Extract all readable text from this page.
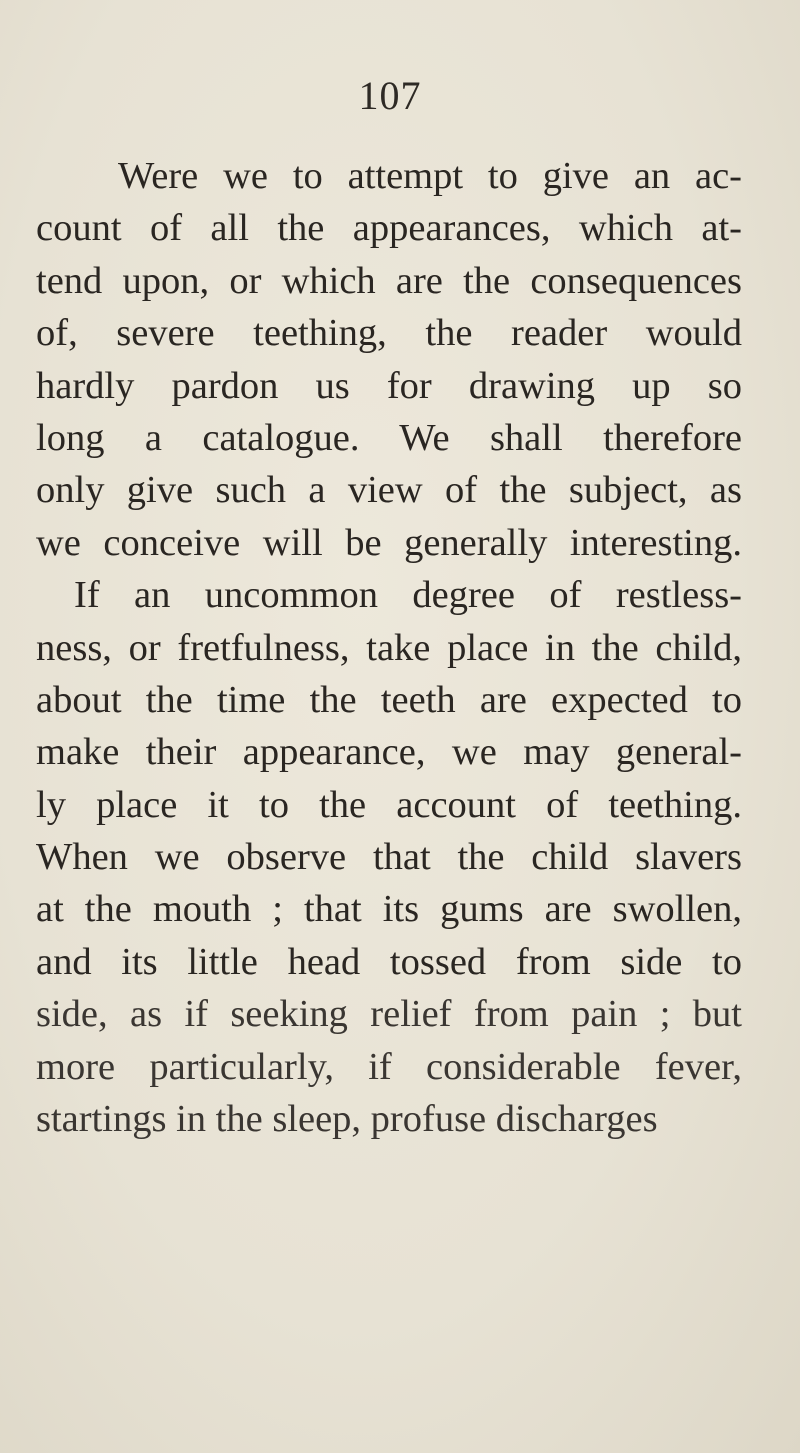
107
Were we to attempt to give an ac-
count of all the appearances, which at-
tend upon, or which are the consequences
of, severe teething, the reader would
hardly pardon us for drawing up so
long a catalogue. We shall therefore
only give such a view of the subject, as
we conceive will be generally interesting.
If an uncommon degree of restless-
ness, or fretfulness, take place in the child,
about the time the teeth are expected to
make their appearance, we may general-
ly place it to the account of teething.
When we observe that the child slavers
at the mouth ; that its gums are swollen,
and its little head tossed from side to
side, as if seeking relief from pain ; but
more particularly, if considerable fever,
startings in the sleep, profuse discharges
